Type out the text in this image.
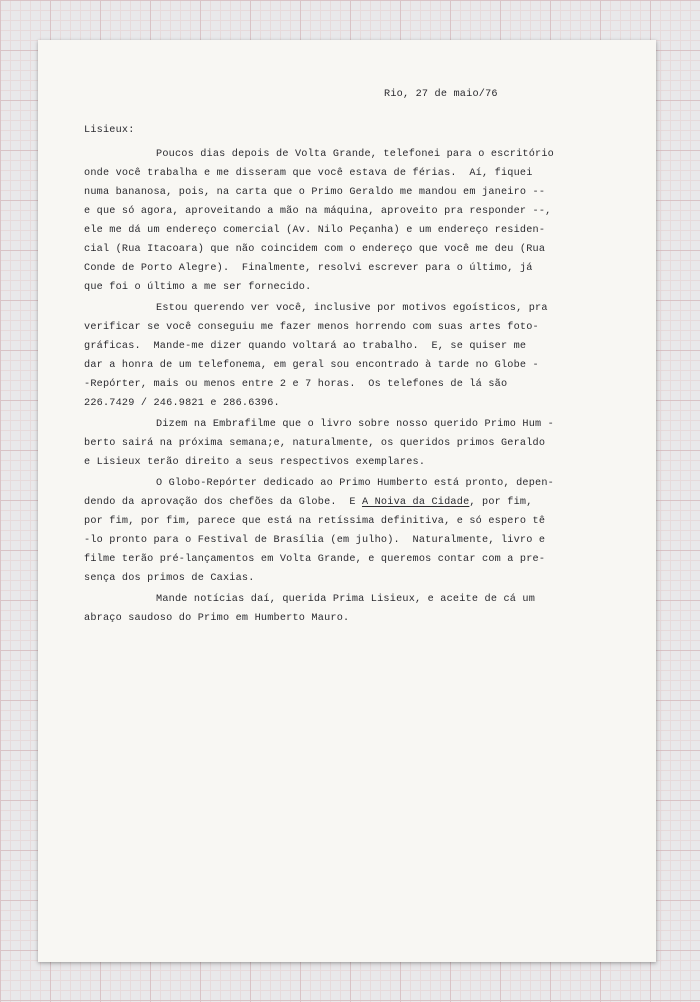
Rio, 27 de maio/76
Lisieux:
Poucos dias depois de Volta Grande, telefonei para o escritório
onde você trabalha e me disseram que você estava de férias.  Aí, fiquei
numa bananosa, pois, na carta que o Primo Geraldo me mandou em janeiro --
e que só agora, aproveitando a mão na máquina, aproveito pra responder --,
ele me dá um endereço comercial (Av. Nilo Peçanha) e um endereço residen-
cial (Rua Itacoara) que não coincidem com o endereço que você me deu (Rua
Conde de Porto Alegre).  Finalmente, resolvi escrever para o último, já
que foi o último a me ser fornecido.
Estou querendo ver você, inclusive por motivos egoísticos, pra
verificar se você conseguiu me fazer menos horrendo com suas artes foto-
gráficas.  Mande-me dizer quando voltará ao trabalho.  E, se quiser me
dar a honra de um telefonema, em geral sou encontrado à tarde no Globe -
-Repórter, mais ou menos entre 2 e 7 horas.  Os telefones de lá são
226.7429 / 246.9821 e 286.6396.
Dizem na Embrafilme que o livro sobre nosso querido Primo Hum -
berto sairá na próxima semana;e, naturalmente, os queridos primos Geraldo
e Lisieux terão direito a seus respectivos exemplares.
O Globo-Repórter dedicado ao Primo Humberto está pronto, depen-
dendo da aprovação dos chefões da Globe.  E A Noiva da Cidade, por fim,
por fim, por fim, parece que está na retíssima definitiva, e só espero tê
-lo pronto para o Festival de Brasília (em julho).  Naturalmente, livro e
filme terão pré-lançamentos em Volta Grande, e queremos contar com a pre-
sença dos primos de Caxias.
Mande notícias daí, querida Prima Lisieux, e aceite de cá um
abraço saudoso do Primo em Humberto Mauro.
